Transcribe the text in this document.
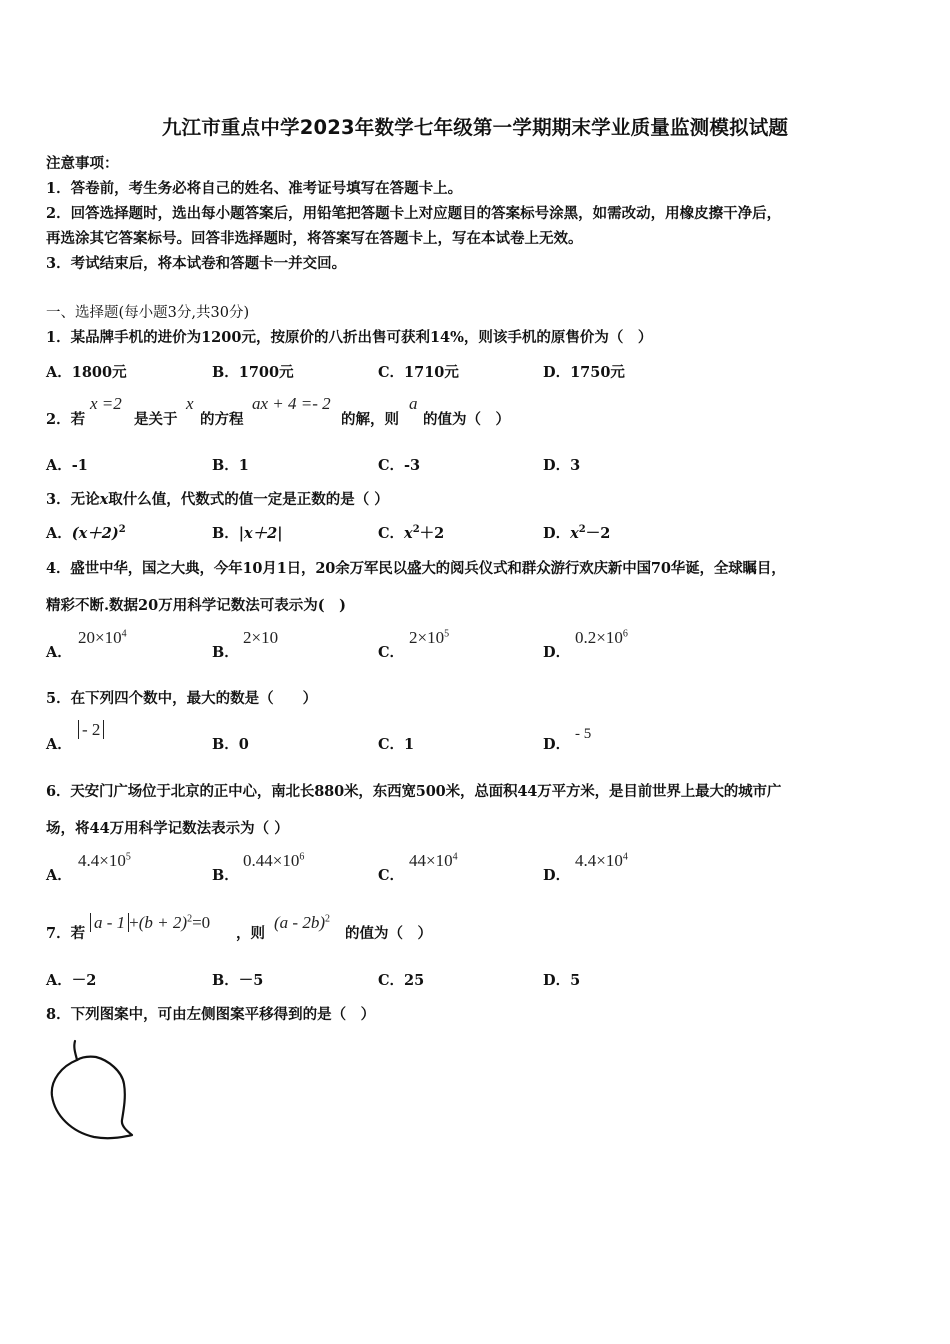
九江市重点中学2023年数学七年级第一学期期末学业质量监测模拟试题
注意事项：
1．答卷前，考生务必将自己的姓名、准考证号填写在答题卡上。
2．回答选择题时，选出每小题答案后，用铅笔把答题卡上对应题目的答案标号涂黑，如需改动，用橡皮擦干净后，
再选涂其它答案标号。回答非选择题时，将答案写在答题卡上，写在本试卷上无效。
3．考试结束后，将本试卷和答题卡一并交回。
一、选择题(每小题3分,共30分)
1．某品牌手机的进价为1200元，按原价的八折出售可获利14%，则该手机的原售价为（　）
A．1800元	B．1700元	C．1710元	D．1750元
2．若
x =2
是关于
x
的方程
ax + 4 =- 2
的解，则
a
的值为（　）
A．-1	B．1	C．-3	D．3
3．无论x取什么值，代数式的值一定是正数的是（ ）
A．$(x+2)^2$	B．|x＋2|	C．$x^2+2$	D．$x^2-2$
4．盛世中华，国之大典，今年10月1日，20余万军民以盛大的阅兵仪式和群众游行欢庆新中国70华诞，全球瞩目，
精彩不断.数据20万用科学记数法可表示为(　)
A．
$20\times 10^4$
B．
2×10
C．
$2\times 10^5$
D．
$0.2\times 10^6$
5．在下列四个数中，最大的数是（　　）
A．
- 2
B．0	C．1	D．
- 5
6．天安门广场位于北京的正中心，南北长880米，东西宽500米，总面积44万平方米，是目前世界上最大的城市广
场，将44万用科学记数法表示为（ ）
A．
$4.4\times 10^5$
B．
$0.44\times 10^6$
C．
$44\times 10^4$
D．
$4.4\times 10^4$
7．若
$a - 1 +(b + 2)^2=0$
，则
(a - 2b)$^2$
的值为（　）
A．－2	B．－5	C．25	D．5
8．下列图案中，可由左侧图案平移得到的是（　）
